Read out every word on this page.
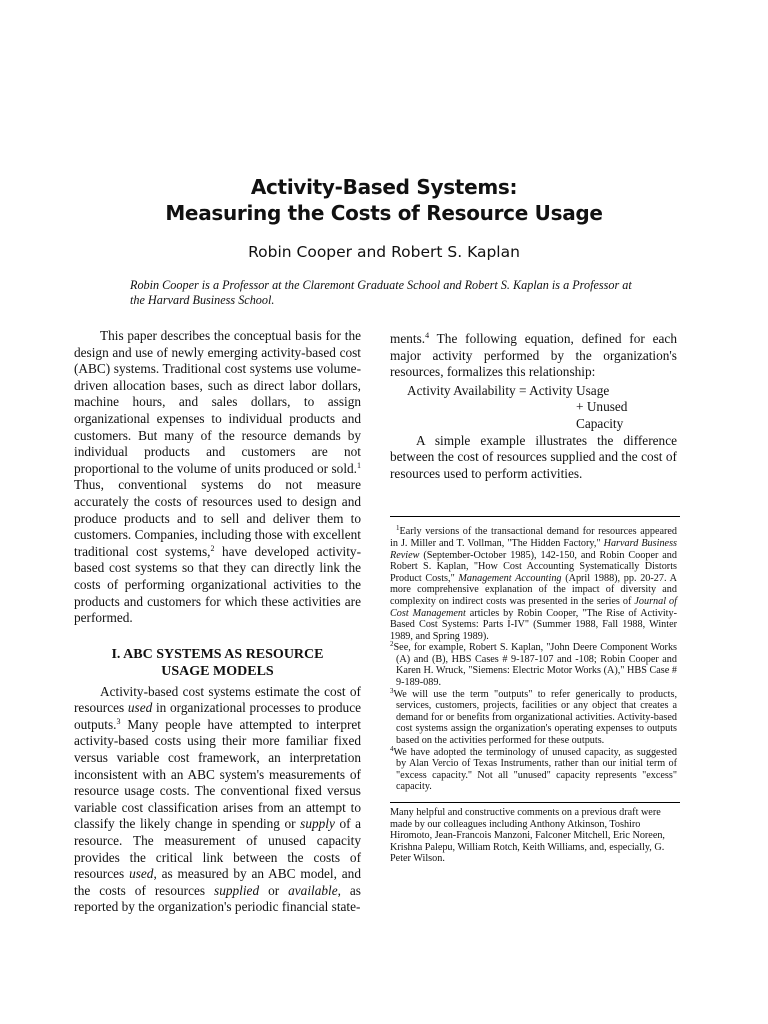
Activity-Based Systems:
Measuring the Costs of Resource Usage

Robin Cooper and Robert S. Kaplan

Robin Cooper is a Professor at the Claremont Graduate School and Robert S. Kaplan is a Professor at the Harvard Business School.

This paper describes the conceptual basis for the design and use of newly emerging activity-based cost (ABC) systems. Traditional cost systems use volume-driven allocation bases, such as direct labor dollars, machine hours, and sales dollars, to assign organizational expenses to individual products and customers. But many of the resource demands by individual products and customers are not proportional to the volume of units produced or sold.$^1$ Thus, conventional systems do not measure accurately the costs of resources used to design and produce products and to sell and deliver them to customers. Companies, including those with excellent traditional cost systems,$^2$ have developed activity-based cost systems so that they can directly link the costs of performing organizational activities to the products and customers for which these activities are performed.

I. ABC SYSTEMS AS RESOURCE
USAGE MODELS

Activity-based cost systems estimate the cost of resources used in organizational processes to produce outputs.$^3$ Many people have attempted to interpret activity-based costs using their more familiar fixed versus variable cost framework, an interpretation inconsistent with an ABC system's measurements of resource usage costs. The conventional fixed versus variable cost classification arises from an attempt to classify the likely change in spending or supply of a resource. The measurement of unused capacity provides the critical link between the costs of resources used, as measured by an ABC model, and the costs of resources supplied or available, as reported by the organization's periodic financial state-

ments.$^4$ The following equation, defined for each major activity performed by the organization's resources, formalizes this relationship:

Activity Availability = Activity Usage
+ Unused Capacity

A simple example illustrates the difference between the cost of resources supplied and the cost of resources used to perform activities.

$^1$Early versions of the transactional demand for resources appeared in J. Miller and T. Vollman, "The Hidden Factory," Harvard Business Review (September-October 1985), 142-150, and Robin Cooper and Robert S. Kaplan, "How Cost Accounting Systematically Distorts Product Costs," Management Accounting (April 1988), pp. 20-27. A more comprehensive explanation of the impact of diversity and complexity on indirect costs was presented in the series of Journal of Cost Management articles by Robin Cooper, "The Rise of Activity-Based Cost Systems: Parts I-IV" (Summer 1988, Fall 1988, Winter 1989, and Spring 1989).

$^2$See, for example, Robert S. Kaplan, "John Deere Component Works (A) and (B), HBS Cases # 9-187-107 and -108; Robin Cooper and Karen H. Wruck, "Siemens: Electric Motor Works (A)," HBS Case # 9-189-089.

$^3$We will use the term "outputs" to refer generically to products, services, customers, projects, facilities or any object that creates a demand for or benefits from organizational activities. Activity-based cost systems assign the organization's operating expenses to outputs based on the activities performed for these outputs.

$^4$We have adopted the terminology of unused capacity, as suggested by Alan Vercio of Texas Instruments, rather than our initial term of "excess capacity." Not all "unused" capacity represents "excess" capacity.

Many helpful and constructive comments on a previous draft were made by our colleagues including Anthony Atkinson, Toshiro Hiromoto, Jean-Francois Manzoni, Falconer Mitchell, Eric Noreen, Krishna Palepu, William Rotch, Keith Williams, and, especially, G. Peter Wilson.
